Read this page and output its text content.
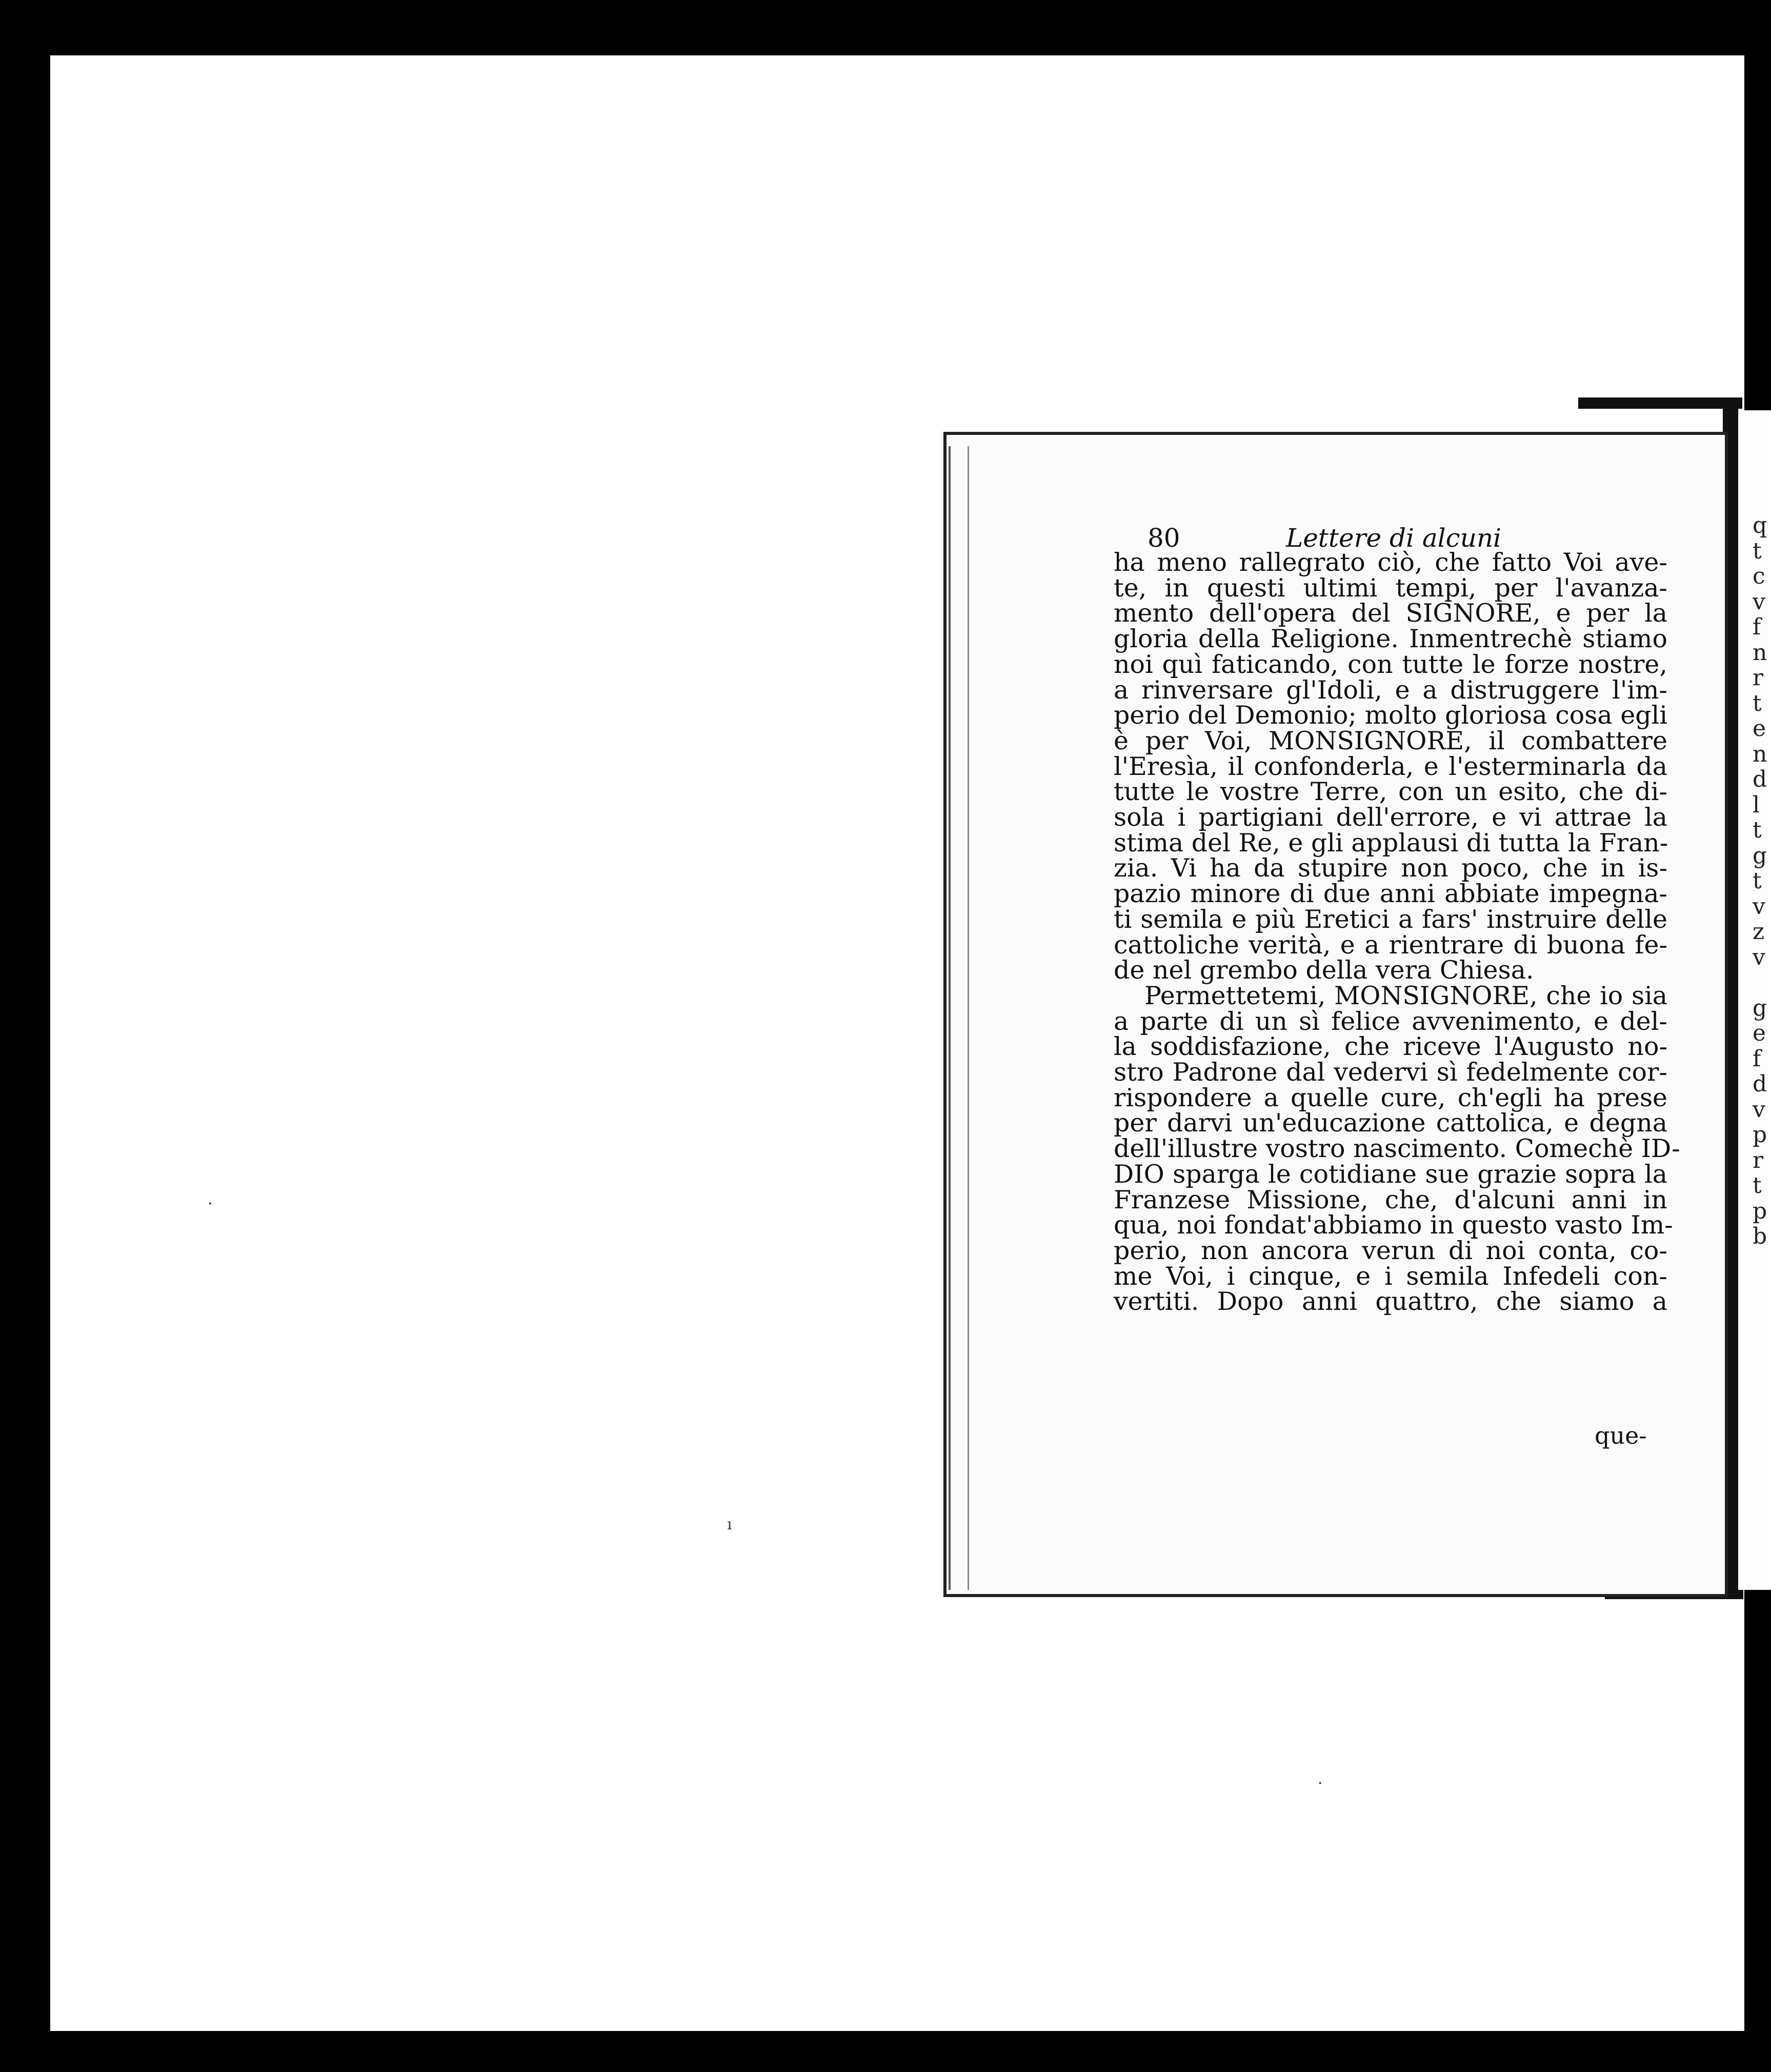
80	Lettere di alcuni
ha meno rallegrato ciò, che fatto Voi ave-
te, in questi ultimi tempi, per l'avanza-
mento dell'opera del SIGNORE, e per la
gloria della Religione. Inmentrechè stiamo
noi quì faticando, con tutte le forze nostre,
a rinversare gl'Idoli, e a distruggere l'im-
perio del Demonio; molto gloriosa cosa egli
è per Voi, MONSIGNORE, il combattere
l'Eresìa, il confonderla, e l'esterminarla da
tutte le vostre Terre, con un esito, che di-
sola i partigiani dell'errore, e vi attrae la
stima del Re, e gli applausi di tutta la Fran-
zia. Vi ha da stupire non poco, che in is-
pazio minore di due anni abbiate impegna-
ti semila e più Eretici a fars' instruire delle
cattoliche verità, e a rientrare di buona fe-
de nel grembo della vera Chiesa.
Permettetemi, MONSIGNORE, che io sia
a parte di un sì felice avvenimento, e del-
la soddisfazione, che riceve l'Augusto no-
stro Padrone dal vedervi sì fedelmente cor-
rispondere a quelle cure, ch'egli ha prese
per darvi un'educazione cattolica, e degna
dell'illustre vostro nascimento. Comechè ID-
DIO sparga le cotidiane sue grazie sopra la
Franzese Missione, che, d'alcuni anni in
qua, noi fondat'abbiamo in questo vasto Im-
perio, non ancora verun di noi conta, co-
me Voi, i cinque, e i semila Infedeli con-
vertiti. Dopo anni quattro, che siamo a
que-
q
t
c
v
f
n
r
t
e
n
d
l
t
g
t
v
z
v
g
e
f
d
v
p
r
t
p
b
ı
·
·
